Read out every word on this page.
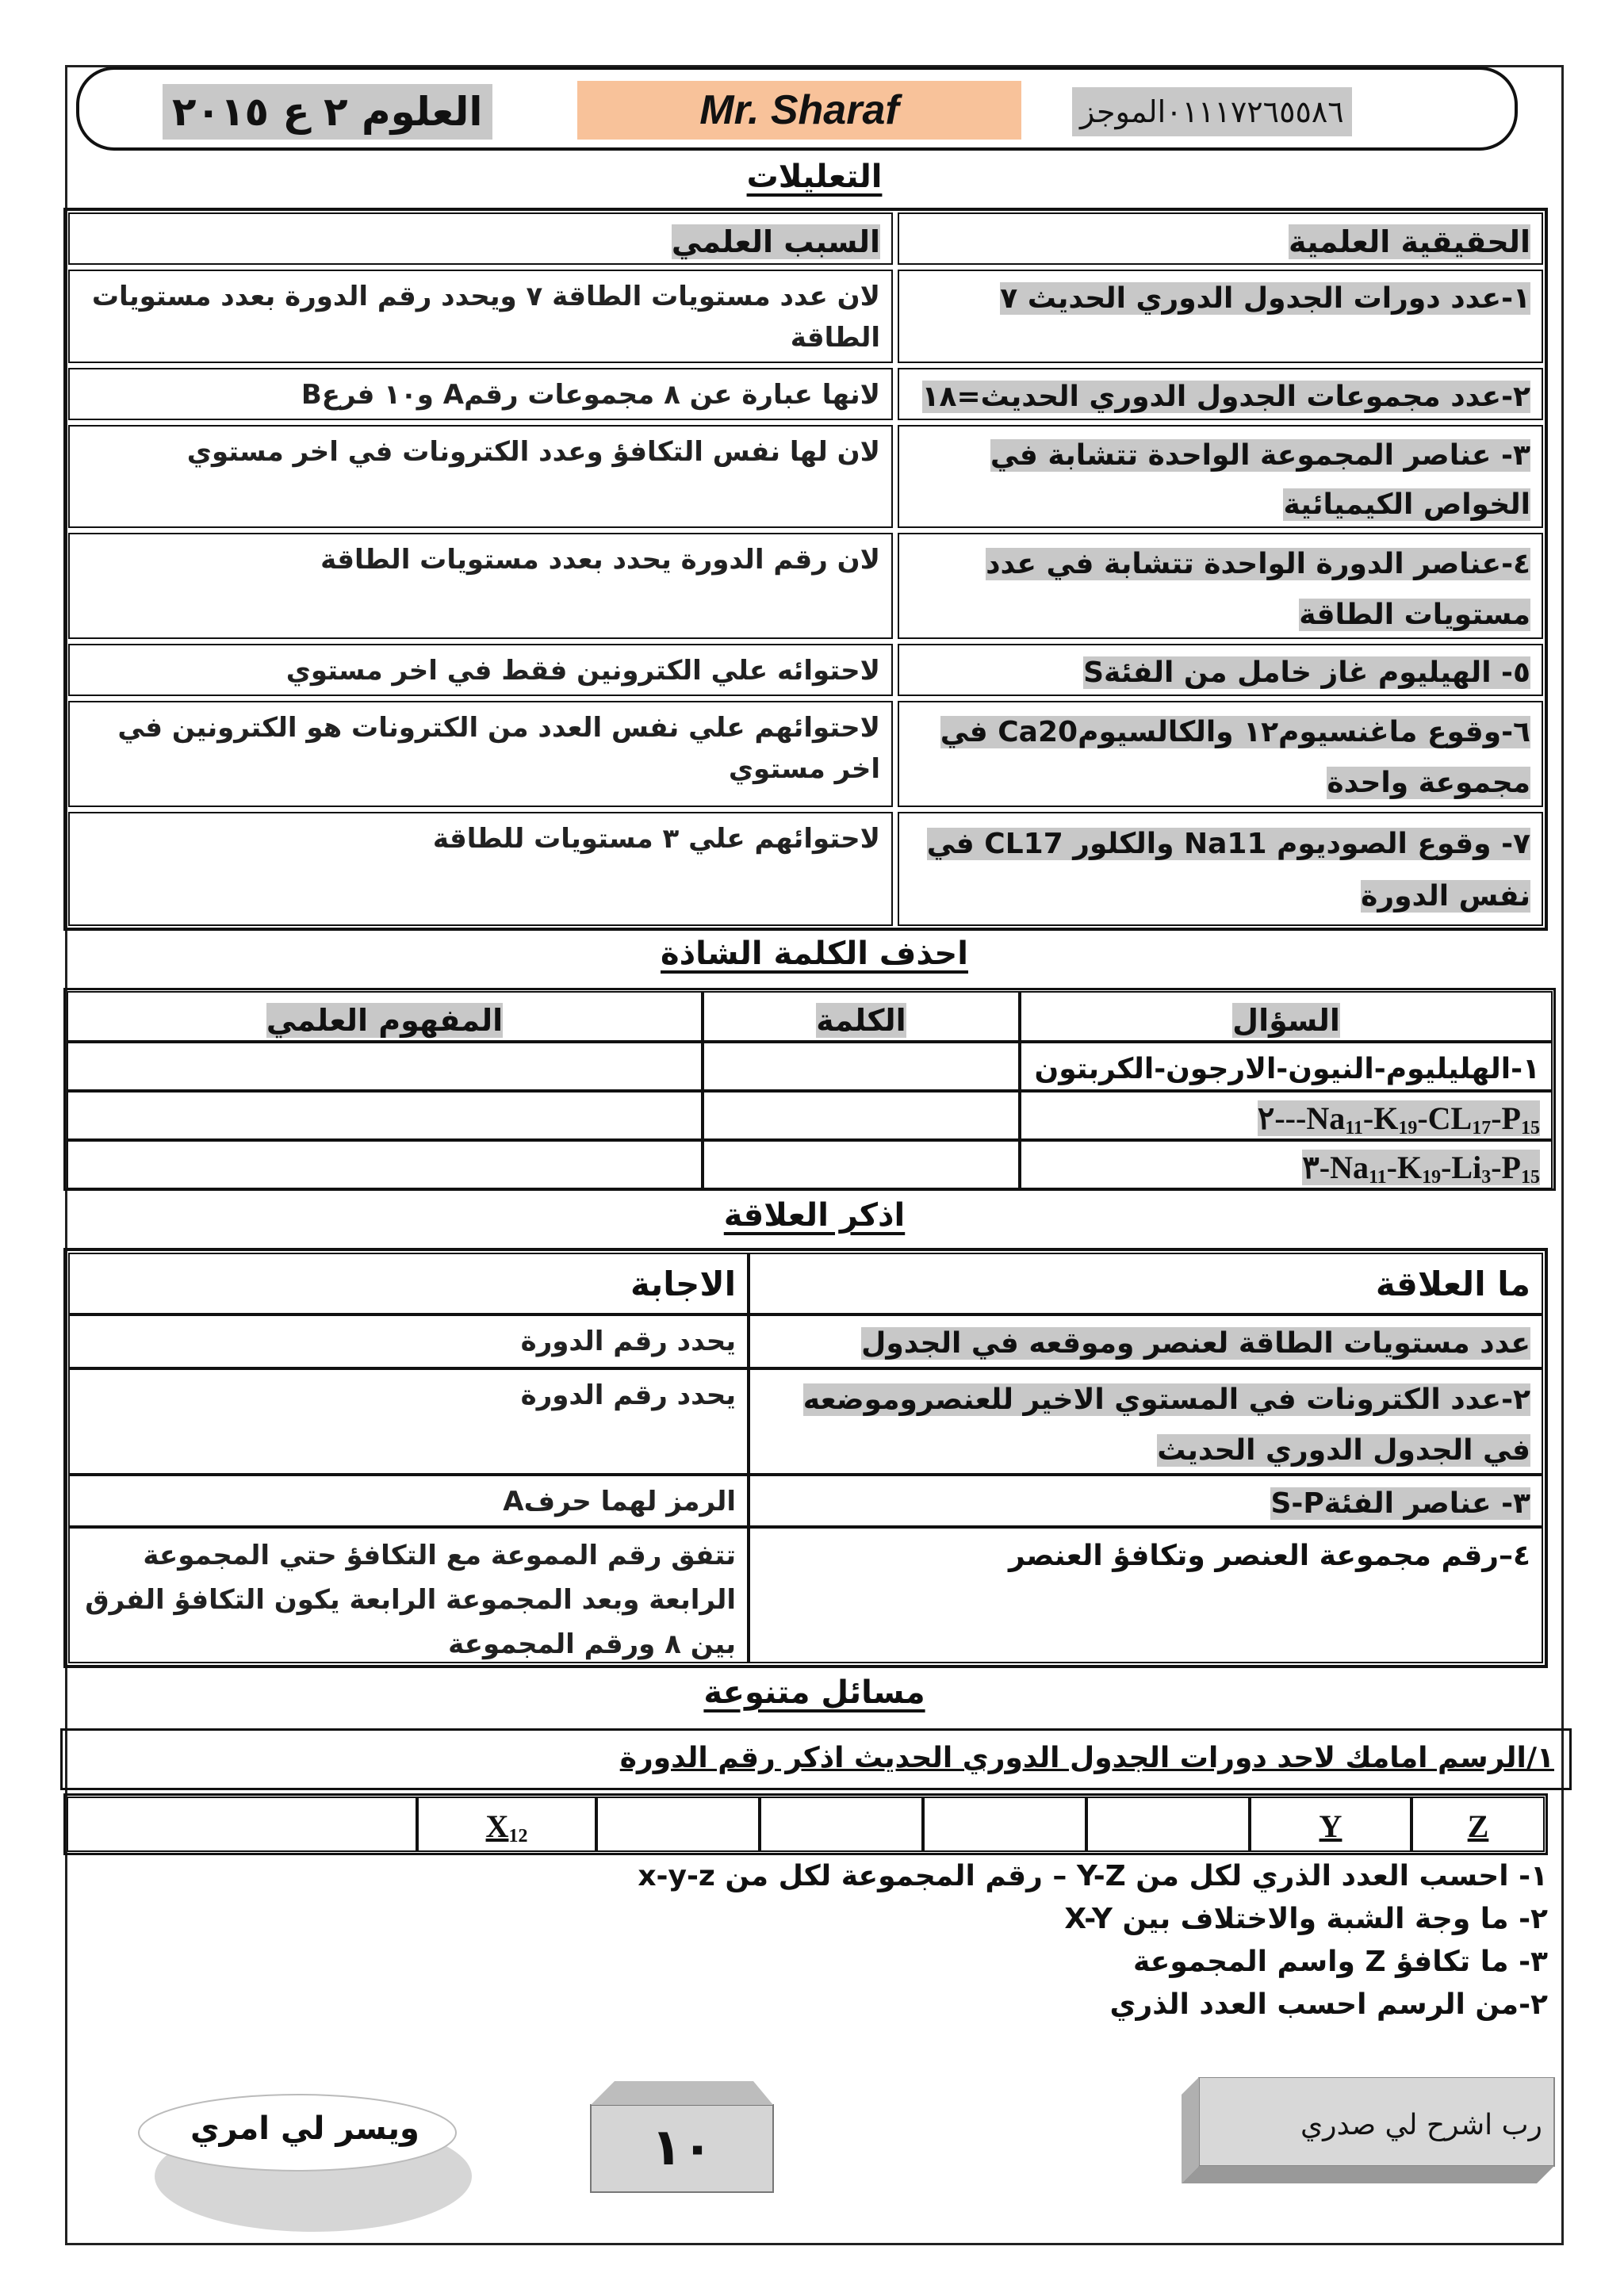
العلوم ٢ ع ٢٠١٥	Mr. Sharaf	٠١١١٧٢٦٥٥٨٦الموجز
التعليلات
الحقيقية العلمية
السبب العلمي
١-عدد دورات الجدول الدوري الحديث ٧
لان عدد مستويات الطاقة ٧ ويحدد رقم الدورة بعدد مستويات الطاقة
٢-عدد مجموعات الجدول الدوري الحديث=١٨
لانها عبارة عن ٨ مجموعات رقمA و١٠ فرعB
٣- عناصر المجموعة الواحدة تتشابة في الخواص الكيميائية
لان لها نفس التكافؤ وعدد الكترونات في اخر مستوي
٤-عناصر الدورة الواحدة تتشابة في عدد مستويات الطاقة
لان رقم الدورة يحدد بعدد مستويات الطاقة
٥- الهيليوم غاز خامل من الفئةS
لاحتوائه علي الكترونين فقط في اخر مستوي
٦-وقوع ماغنسيوم١٢ والكالسيومCa20 في مجموعة واحدة
لاحتوائهم علي نفس العدد من الكترونات هو الكترونين في اخر مستوي
٧- وقوع الصوديوم Na11 والكلور CL17 في نفس الدورة
لاحتوائهم علي ٣ مستويات للطاقة
احذف الكلمة الشاذة
السؤال
الكلمة
المفهوم العلمي
١-الهليليوم-النيون-الارجون-الكربتون
$Na_{11}-K_{19}-CL_{17}-P_{15}---٢$
$Na_{11}-K_{19}-Li_3-P_{15}-٣$
اذكر العلاقة
ما العلاقة
الاجابة
عدد مستويات الطاقة لعنصر وموقعه في الجدول
يحدد رقم الدورة
٢-عدد الكترونات في المستوي الاخير للعنصروموضعه في الجدول الدوري الحديث
يحدد رقم الدورة
٣- عناصر الفئةS-P
الرمز لهما حرفA
٤–رقم مجموعة العنصر وتكافؤ العنصر
تتفق رقم المموعة مع التكافؤ حتي المجموعة الرابعة وبعد المجموعة الرابعة يكون التكافؤ الفرق بين ٨ ورقم المجموعة
مسائل متنوعة
١/الرسم امامك لاحد دورات الجدول الدوري الحديث اذكر رقم الدورة
Z
Y
$X_{12}$
١- احسب العدد الذري لكل من Y-Z – رقم المجموعة لكل من x-y-z
٢- ما وجة الشبة والاختلاف بين X-Y
٣- ما تكافؤ Z واسم المجموعة
٢-من الرسم احسب العدد الذري
رب اشرح لي صدري
١٠
ويسر لي امري
